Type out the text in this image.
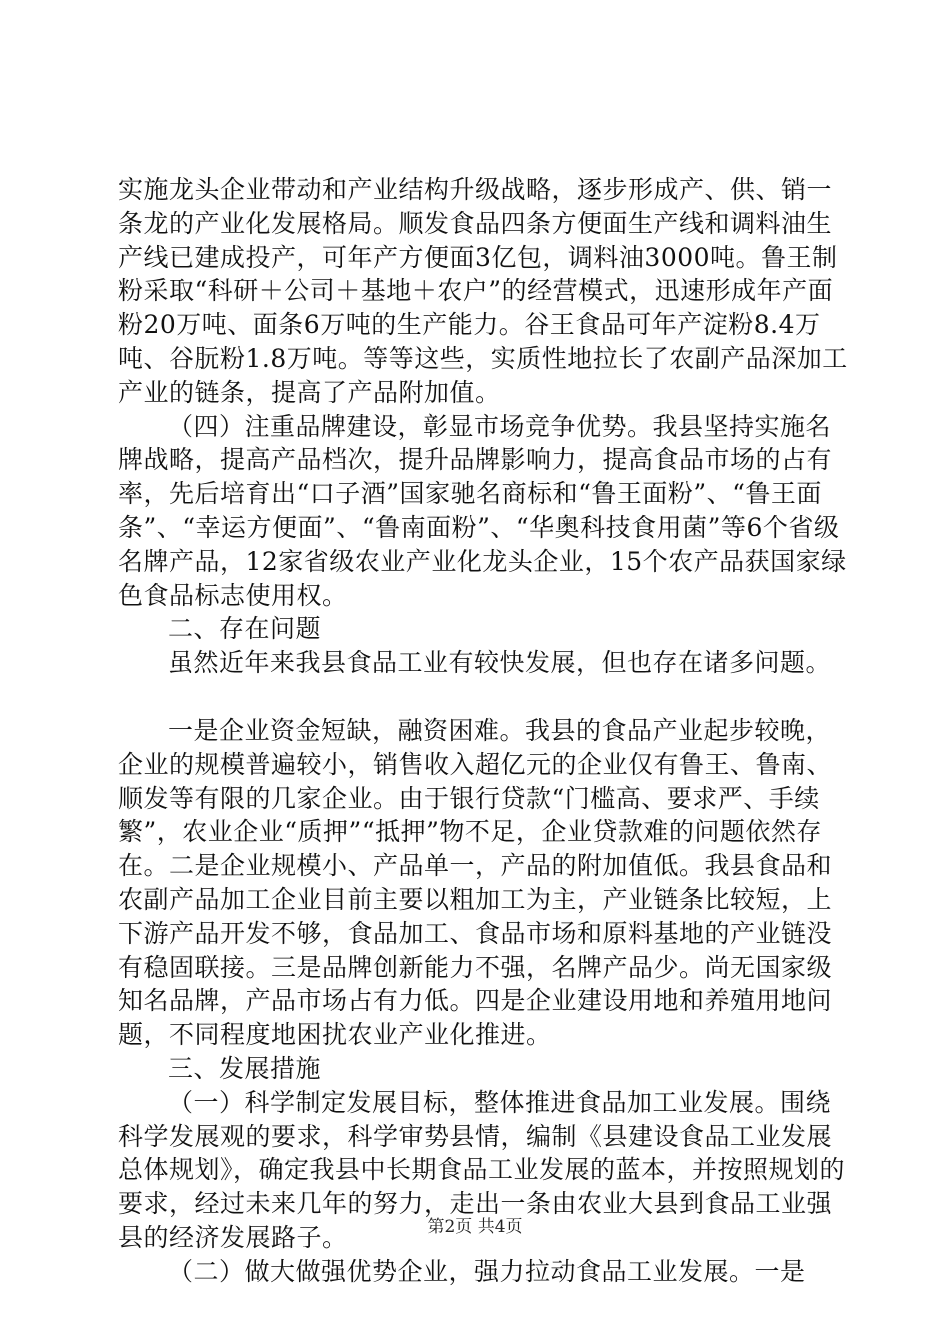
实施龙头企业带动和产业结构升级战略，逐步形成产、供、销一条龙的产业化发展格局。顺发食品四条方便面生产线和调料油生产线已建成投产，可年产方便面3亿包，调料油3000吨。鲁王制粉采取“科研＋公司＋基地＋农户”的经营模式，迅速形成年产面粉20万吨、面条6万吨的生产能力。谷王食品可年产淀粉8.4万吨、谷朊粉1.8万吨。等等这些，实质性地拉长了农副产品深加工产业的链条，提高了产品附加值。

（四）注重品牌建设，彰显市场竞争优势。我县坚持实施名牌战略，提高产品档次，提升品牌影响力，提高食品市场的占有率，先后培育出“口子酒”国家驰名商标和“鲁王面粉”、“鲁王面条”、“幸运方便面”、“鲁南面粉”、“华奥科技食用菌”等6个省级名牌产品，12家省级农业产业化龙头企业，15个农产品获国家绿色食品标志使用权。

二、存在问题

虽然近年来我县食品工业有较快发展，但也存在诸多问题。

一是企业资金短缺，融资困难。我县的食品产业起步较晚，企业的规模普遍较小，销售收入超亿元的企业仅有鲁王、鲁南、顺发等有限的几家企业。由于银行贷款“门槛高、要求严、手续繁”，农业企业“质押”“抵押”物不足，企业贷款难的问题依然存在。二是企业规模小、产品单一，产品的附加值低。我县食品和农副产品加工企业目前主要以粗加工为主，产业链条比较短，上下游产品开发不够，食品加工、食品市场和原料基地的产业链没有稳固联接。三是品牌创新能力不强，名牌产品少。尚无国家级知名品牌，产品市场占有力低。四是企业建设用地和养殖用地问题，不同程度地困扰农业产业化推进。

三、发展措施

（一）科学制定发展目标，整体推进食品加工业发展。围绕科学发展观的要求，科学审势县情，编制《县建设食品工业发展总体规划》，确定我县中长期食品工业发展的蓝本，并按照规划的要求，经过未来几年的努力，走出一条由农业大县到食品工业强县的经济发展路子。

（二）做大做强优势企业，强力拉动食品工业发展。一是

第2页 共4页
